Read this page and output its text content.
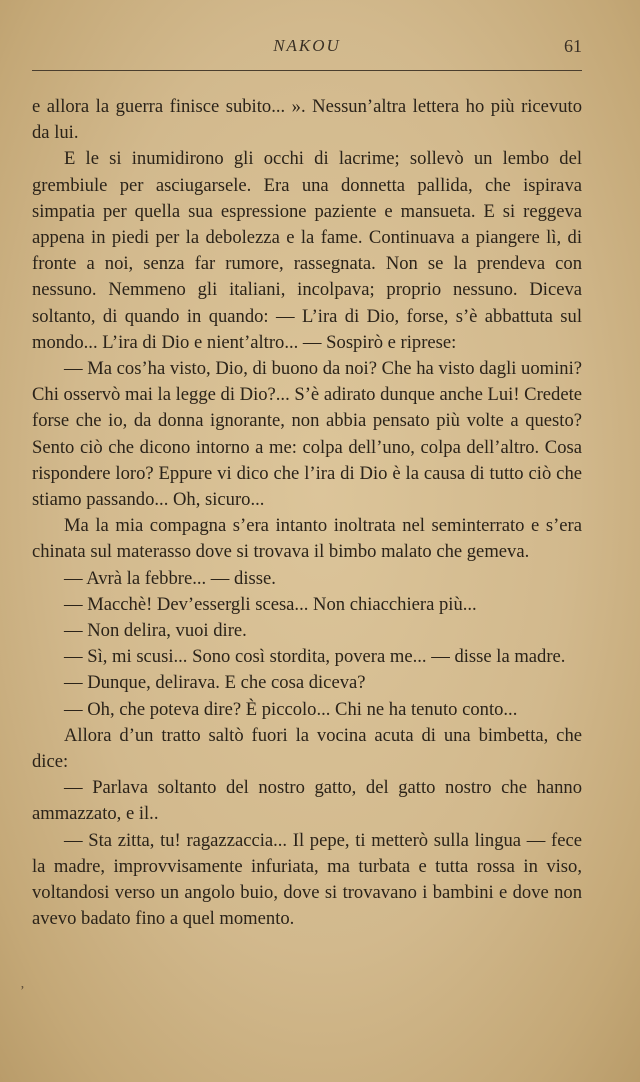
NAKOU	61

e allora la guerra finisce subito... ». Nessun’altra lettera ho più ricevuto da lui.

E le si inumidirono gli occhi di lacrime; sollevò un lembo del grembiule per asciugarsele. Era una donnetta pallida, che ispirava simpatia per quella sua espressione paziente e mansueta. E si reggeva appena in piedi per la debolezza e la fame. Continuava a piangere lì, di fronte a noi, senza far rumore, rassegnata. Non se la prendeva con nessuno. Nemmeno gli italiani, incolpava; proprio nessuno. Diceva soltanto, di quando in quando: — L’ira di Dio, forse, s’è abbattuta sul mondo... L’ira di Dio e nient’altro... — Sospirò e riprese:

— Ma cos’ha visto, Dio, di buono da noi? Che ha visto dagli uomini? Chi osservò mai la legge di Dio?... S’è adirato dunque anche Lui! Credete forse che io, da donna ignorante, non abbia pensato più volte a questo? Sento ciò che dicono intorno a me: colpa dell’uno, colpa dell’altro. Cosa rispondere loro? Eppure vi dico che l’ira di Dio è la causa di tutto ciò che stiamo passando... Oh, sicuro...

Ma la mia compagna s’era intanto inoltrata nel seminterrato e s’era chinata sul materasso dove si trovava il bimbo malato che gemeva.

— Avrà la febbre... — disse.

— Macchè! Dev’essergli scesa... Non chiacchiera più...

— Non delira, vuoi dire.

— Sì, mi scusi... Sono così stordita, povera me... — disse la madre.

— Dunque, delirava. E che cosa diceva?

— Oh, che poteva dire? È piccolo... Chi ne ha tenuto conto...

Allora d’un tratto saltò fuori la vocina acuta di una bimbetta, che dice:

— Parlava soltanto del nostro gatto, del gatto nostro che hanno ammazzato, e il..

— Sta zitta, tu! ragazzaccia... Il pepe, ti metterò sulla lingua — fece la madre, improvvisamente infuriata, ma turbata e tutta rossa in viso, voltandosi verso un angolo buio, dove si trovavano i bambini e dove non avevo badato fino a quel momento.

’
